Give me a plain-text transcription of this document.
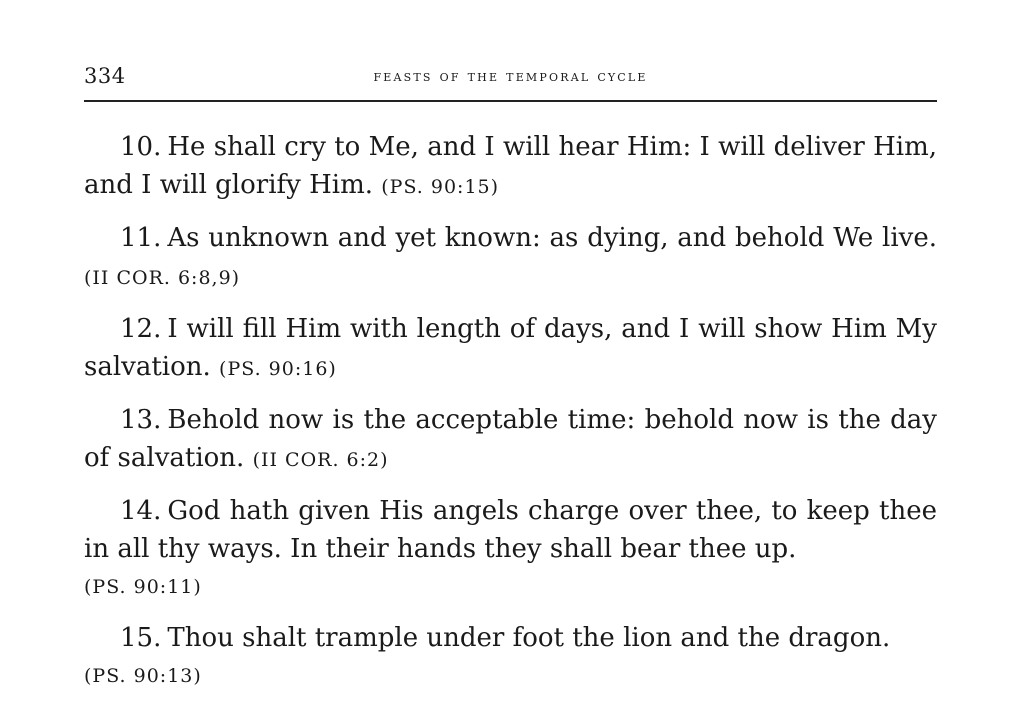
334	feasts of the temporal cycle

10. He shall cry to Me, and I will hear Him: I will deliver Him, and I will glorify Him. (PS. 90:15)

11. As unknown and yet known: as dying, and behold We live. (II COR. 6:8,9)

12. I will fill Him with length of days, and I will show Him My salvation. (PS. 90:16)

13. Behold now is the acceptable time: behold now is the day of salvation. (II COR. 6:2)

14. God hath given His angels charge over thee, to keep thee in all thy ways. In their hands they shall bear thee up.
(PS. 90:11)

15. Thou shalt trample under foot the lion and the dragon.
(PS. 90:13)
